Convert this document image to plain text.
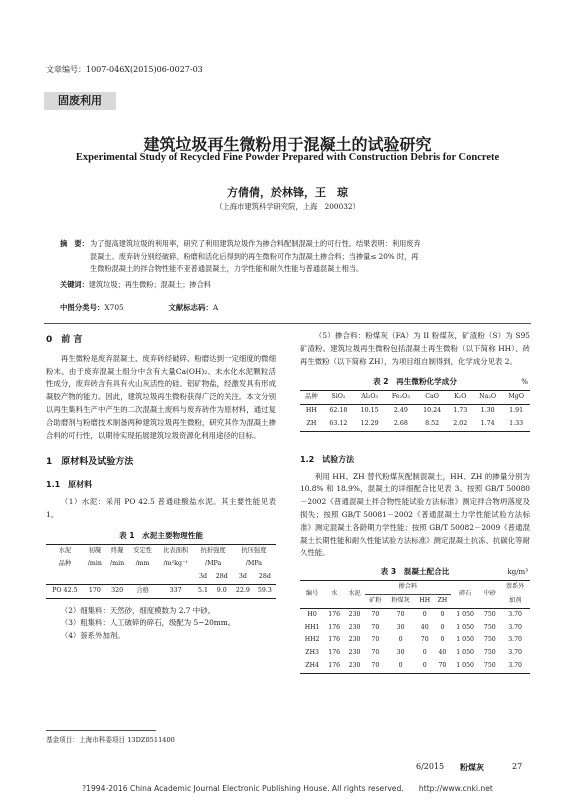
文章编号：1007-046X(2015)06-0027-03
固废利用
建筑垃圾再生微粉用于混凝土的试验研究
Experimental Study of Recycled Fine Powder Prepared with Construction Debris for Concrete
方倩倩，於林锋，王　琼
（上海市建筑科学研究院，上海　200032）
摘　要： 为了提高建筑垃圾的利用率，研究了利用建筑垃圾作为掺合料配制混凝土的可行性。结果表明：利用废弃
混凝土、废弃砖分别经破碎、粉磨和活化后得到的再生微粉可作为混凝土掺合料；当掺量≤ 20% 时，再
生微粉混凝土的拌合物性能不亚普通混凝土，力学性能和耐久性能与普通混凝土相当。
关键词：建筑垃圾；再生微粉；混凝土；掺合料
中图分类号：X705	文献标志码：A
0　前 言

再生微粉是废弃混凝土、废弃砖经破碎、粉磨达到一定细度的微细粉末。由于废弃混凝土组分中含有大量Ca(OH)₂、未水化水泥颗粒活性成分，废弃砖含有具有火山灰活性的硅、铝矿物盐，经激发具有形成凝胶产物的能力。因此，建筑垃圾再生微粉获得广泛的关注。本文分别以再生集料生产中产生的二次混凝土废料与废弃砖作为原材料，通过复合助磨剂与粉磨技术制备两种建筑垃圾再生微粉，研究其作为混凝土掺合料的可行性，以期待实现拓展建筑垃圾资源化利用途径的目标。

1　原材料及试验方法
1.1　原材料

（1）水泥：采用 PO 42.5 普通硅酸盐水泥。其主要性能见表 1。

表 1　水泥主要物理性能
水泥	初凝	终凝	安定性	比表面积	抗折强度		抗压强度	
品种	/min	/min	/mm	/m²kg⁻¹	/MPa		/MPa	
					3d	28d	3d	28d
PO 42.5	170	320	合格	337	5.1	9.0	22.9	59.3

（2）细集料：天然砂，细度模数为 2.7 中砂。

（3）粗集料：人工破碎的碎石，级配为 5~20mm。

（4）萘系外加剂。

基金项目：上海市科委项目 13DZ0511400

（5）掺合料：粉煤灰（FA）为 II 粉煤灰，矿渣粉（S）为 S95 矿渣粉。建筑垃圾再生微粉包括混凝土再生微粉（以下简称 HH）、砖再生微粉（以下简称 ZH），为项目组自制得到，化学成分见表 2。

表 2　再生微粉化学成分	%
品种	SiO₂	Al₂O₃	Fe₂O₃	CaO	K₂O	Na₂O	MgO
HH	62.18	10.15	2.49	10.24	1.73	1.30	1.91
ZH	63.12	12.29	2.68	8.52	2.02	1.74	1.33
1.2　试验方法

利用 HH、ZH 替代粉煤灰配制混凝土，HH、ZH 的掺量分别为 10.8% 和 18.9%，混凝土的详细配合比见表 3。按照 GB/T 50080－2002《普通混凝土拌合物性能试验方法标准》测定拌合物坍落度及损失；按照 GB/T 50081－2002《普通混凝土力学性能试验方法标准》测定混凝土各龄期力学性能；按照 GB/T 50082－2009《普通混凝土长期性能和耐久性能试验方法标准》测定混凝土抗冻、抗碳化等耐久性能。

表 3　混凝土配合比	kg/m³
编号	水	水泥	掺合料				碎石	中砂	萘系外
			矿粉	粉煤灰	HH	ZH			加剂
H0	176	230	70	70	0	0	1 050	750	3.70
HH1	176	230	70	30	40	0	1 050	750	3.70
HH2	176	230	70	0	70	0	1 050	750	3.70
ZH3	176	230	70	30	0	40	1 050	750	3.70
ZH4	176	230	70	0	0	70	1 050	750	3.70
6/2015 粉煤灰	27
?1994-2016 China Academic Journal Electronic Publishing House. All rights reserved.　　http://www.cnki.net
